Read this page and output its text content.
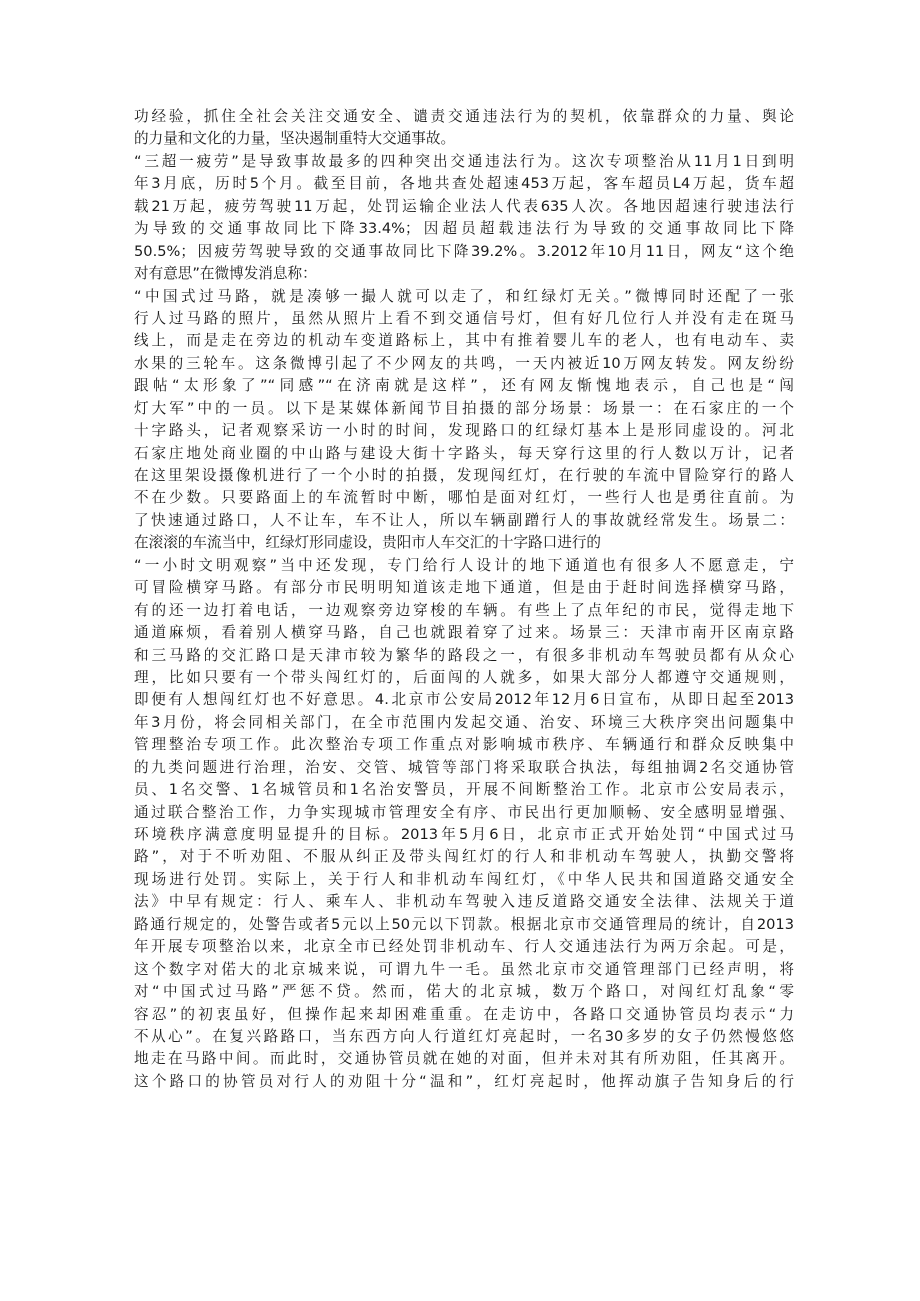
功经验，抓住全社会关注交通安全、谴责交通违法行为的契机，依靠群众的力量、舆论
的力量和文化的力量，坚决遏制重特大交通事故。
“三超一疲劳”是导致事故最多的四种突出交通违法行为。这次专项整治从11月1日到明
年3月底，历时5个月。截至目前，各地共查处超速453万起，客车超员L4万起，货车超
载21万起，疲劳驾驶11万起，处罚运输企业法人代表635人次。各地因超速行驶违法行
为导致的交通事故同比下降33.4%；因超员超载违法行为导致的交通事故同比下降
50.5%；因疲劳驾驶导致的交通事故同比下降39.2%。3.2012年10月11日，网友“这个绝
对有意思”在微博发消息称：
“中国式过马路，就是凑够一撮人就可以走了，和红绿灯无关。”微博同时还配了一张
行人过马路的照片，虽然从照片上看不到交通信号灯，但有好几位行人并没有走在斑马
线上，而是走在旁边的机动车变道路标上，其中有推着婴儿车的老人，也有电动车、卖
水果的三轮车。这条微博引起了不少网友的共鸣，一天内被近10万网友转发。网友纷纷
跟帖“太形象了”“同感”“在济南就是这样”，还有网友惭愧地表示，自己也是“闯
灯大军”中的一员。以下是某媒体新闻节目拍摄的部分场景：场景一：在石家庄的一个
十字路头，记者观察采访一小时的时间，发现路口的红绿灯基本上是形同虚设的。河北
石家庄地处商业圈的中山路与建设大街十字路头，每天穿行这里的行人数以万计，记者
在这里架设摄像机进行了一个小时的拍摄，发现闯红灯，在行驶的车流中冒险穿行的路人
不在少数。只要路面上的车流暂时中断，哪怕是面对红灯，一些行人也是勇往直前。为
了快速通过路口，人不让车，车不让人，所以车辆副蹭行人的事故就经常发生。场景二：
在滚滚的车流当中，红绿灯形同虚设，贵阳市人车交汇的十字路口进行的
“一小时文明观察”当中还发现，专门给行人设计的地下通道也有很多人不愿意走，宁
可冒险横穿马路。有部分市民明明知道该走地下通道，但是由于赶时间选择横穿马路，
有的还一边打着电话，一边观察旁边穿梭的车辆。有些上了点年纪的市民，觉得走地下
通道麻烦，看着别人横穿马路，自己也就跟着穿了过来。场景三：天津市南开区南京路
和三马路的交汇路口是天津市较为繁华的路段之一，有很多非机动车驾驶员都有从众心
理，比如只要有一个带头闯红灯的，后面闯的人就多，如果大部分人都遵守交通规则，
即便有人想闯红灯也不好意思。4.北京市公安局2012年12月6日宣布，从即日起至2013
年3月份，将会同相关部门，在全市范围内发起交通、治安、环境三大秩序突出问题集中
管理整治专项工作。此次整治专项工作重点对影响城市秩序、车辆通行和群众反映集中
的九类问题进行治理，治安、交管、城管等部门将采取联合执法，每组抽调2名交通协管
员、1名交警、1名城管员和1名治安警员，开展不间断整治工作。北京市公安局表示，
通过联合整治工作，力争实现城市管理安全有序、市民出行更加顺畅、安全感明显增强、
环境秩序满意度明显提升的目标。2013年5月6日，北京市正式开始处罚“中国式过马
路”，对于不听劝阻、不服从纠正及带头闯红灯的行人和非机动车驾驶人，执勤交警将
现场进行处罚。实际上，关于行人和非机动车闯红灯，《中华人民共和国道路交通安全
法》中早有规定：行人、乘车人、非机动车驾驶入违反道路交通安全法律、法规关于道
路通行规定的，处警告或者5元以上50元以下罚款。根据北京市交通管理局的统计，自2013
年开展专项整治以来，北京全市已经处罚非机动车、行人交通违法行为两万余起。可是，
这个数字对偌大的北京城来说，可谓九牛一毛。虽然北京市交通管理部门已经声明，将
对“中国式过马路”严惩不贷。然而，偌大的北京城，数万个路口，对闯红灯乱象“零
容忍”的初衷虽好，但操作起来却困难重重。在走访中，各路口交通协管员均表示“力
不从心”。在复兴路路口，当东西方向人行道红灯亮起时，一名30多岁的女子仍然慢悠悠
地走在马路中间。而此时，交通协管员就在她的对面，但并未对其有所劝阻，任其离开。
这个路口的协管员对行人的劝阻十分“温和”，红灯亮起时，他挥动旗子告知身后的行
